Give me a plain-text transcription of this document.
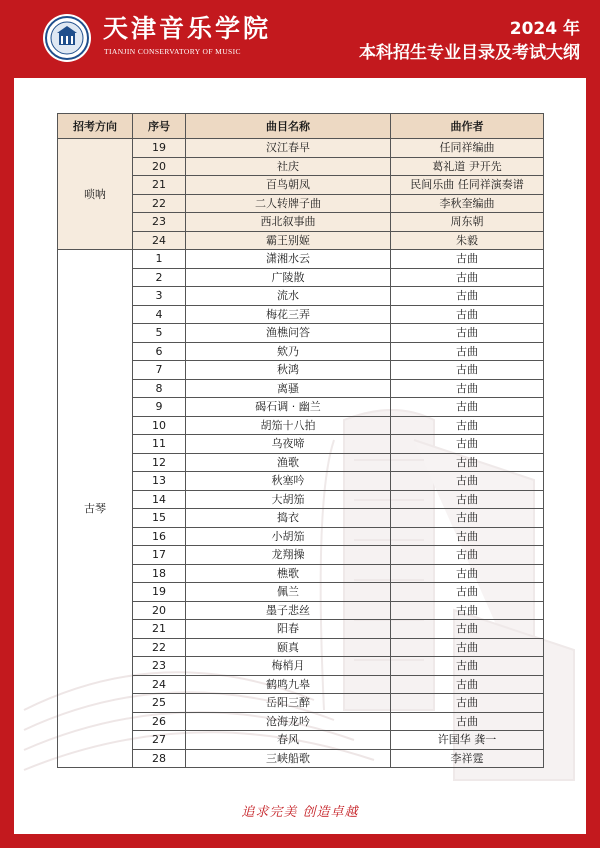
天津音乐学院
TIANJIN CONSERVATORY OF MUSIC
2024 年
本科招生专业目录及考试大纲
招考方向	序号	曲目名称	曲作者
唢呐	19	汉江春早	任同祥编曲
	20	社庆	葛礼道 尹开先
	21	百鸟朝凤	民间乐曲 任同祥演奏谱
	22	二人转牌子曲	李秋奎编曲
	23	西北叙事曲	周东朝
	24	霸王别姬	朱毅
古琴	1	潇湘水云	古曲
	2	广陵散	古曲
	3	流水	古曲
	4	梅花三弄	古曲
	5	渔樵问答	古曲
	6	欸乃	古曲
	7	秋鸿	古曲
	8	离骚	古曲
	9	碣石调 · 幽兰	古曲
	10	胡笳十八拍	古曲
	11	乌夜啼	古曲
	12	渔歌	古曲
	13	秋塞吟	古曲
	14	大胡笳	古曲
	15	捣衣	古曲
	16	小胡笳	古曲
	17	龙翔操	古曲
	18	樵歌	古曲
	19	佩兰	古曲
	20	墨子悲丝	古曲
	21	阳春	古曲
	22	颐真	古曲
	23	梅梢月	古曲
	24	鹤鸣九皋	古曲
	25	岳阳三醉	古曲
	26	沧海龙吟	古曲
	27	春风	许国华 龚一
	28	三峡船歌	李祥霆
追求完美 创造卓越
